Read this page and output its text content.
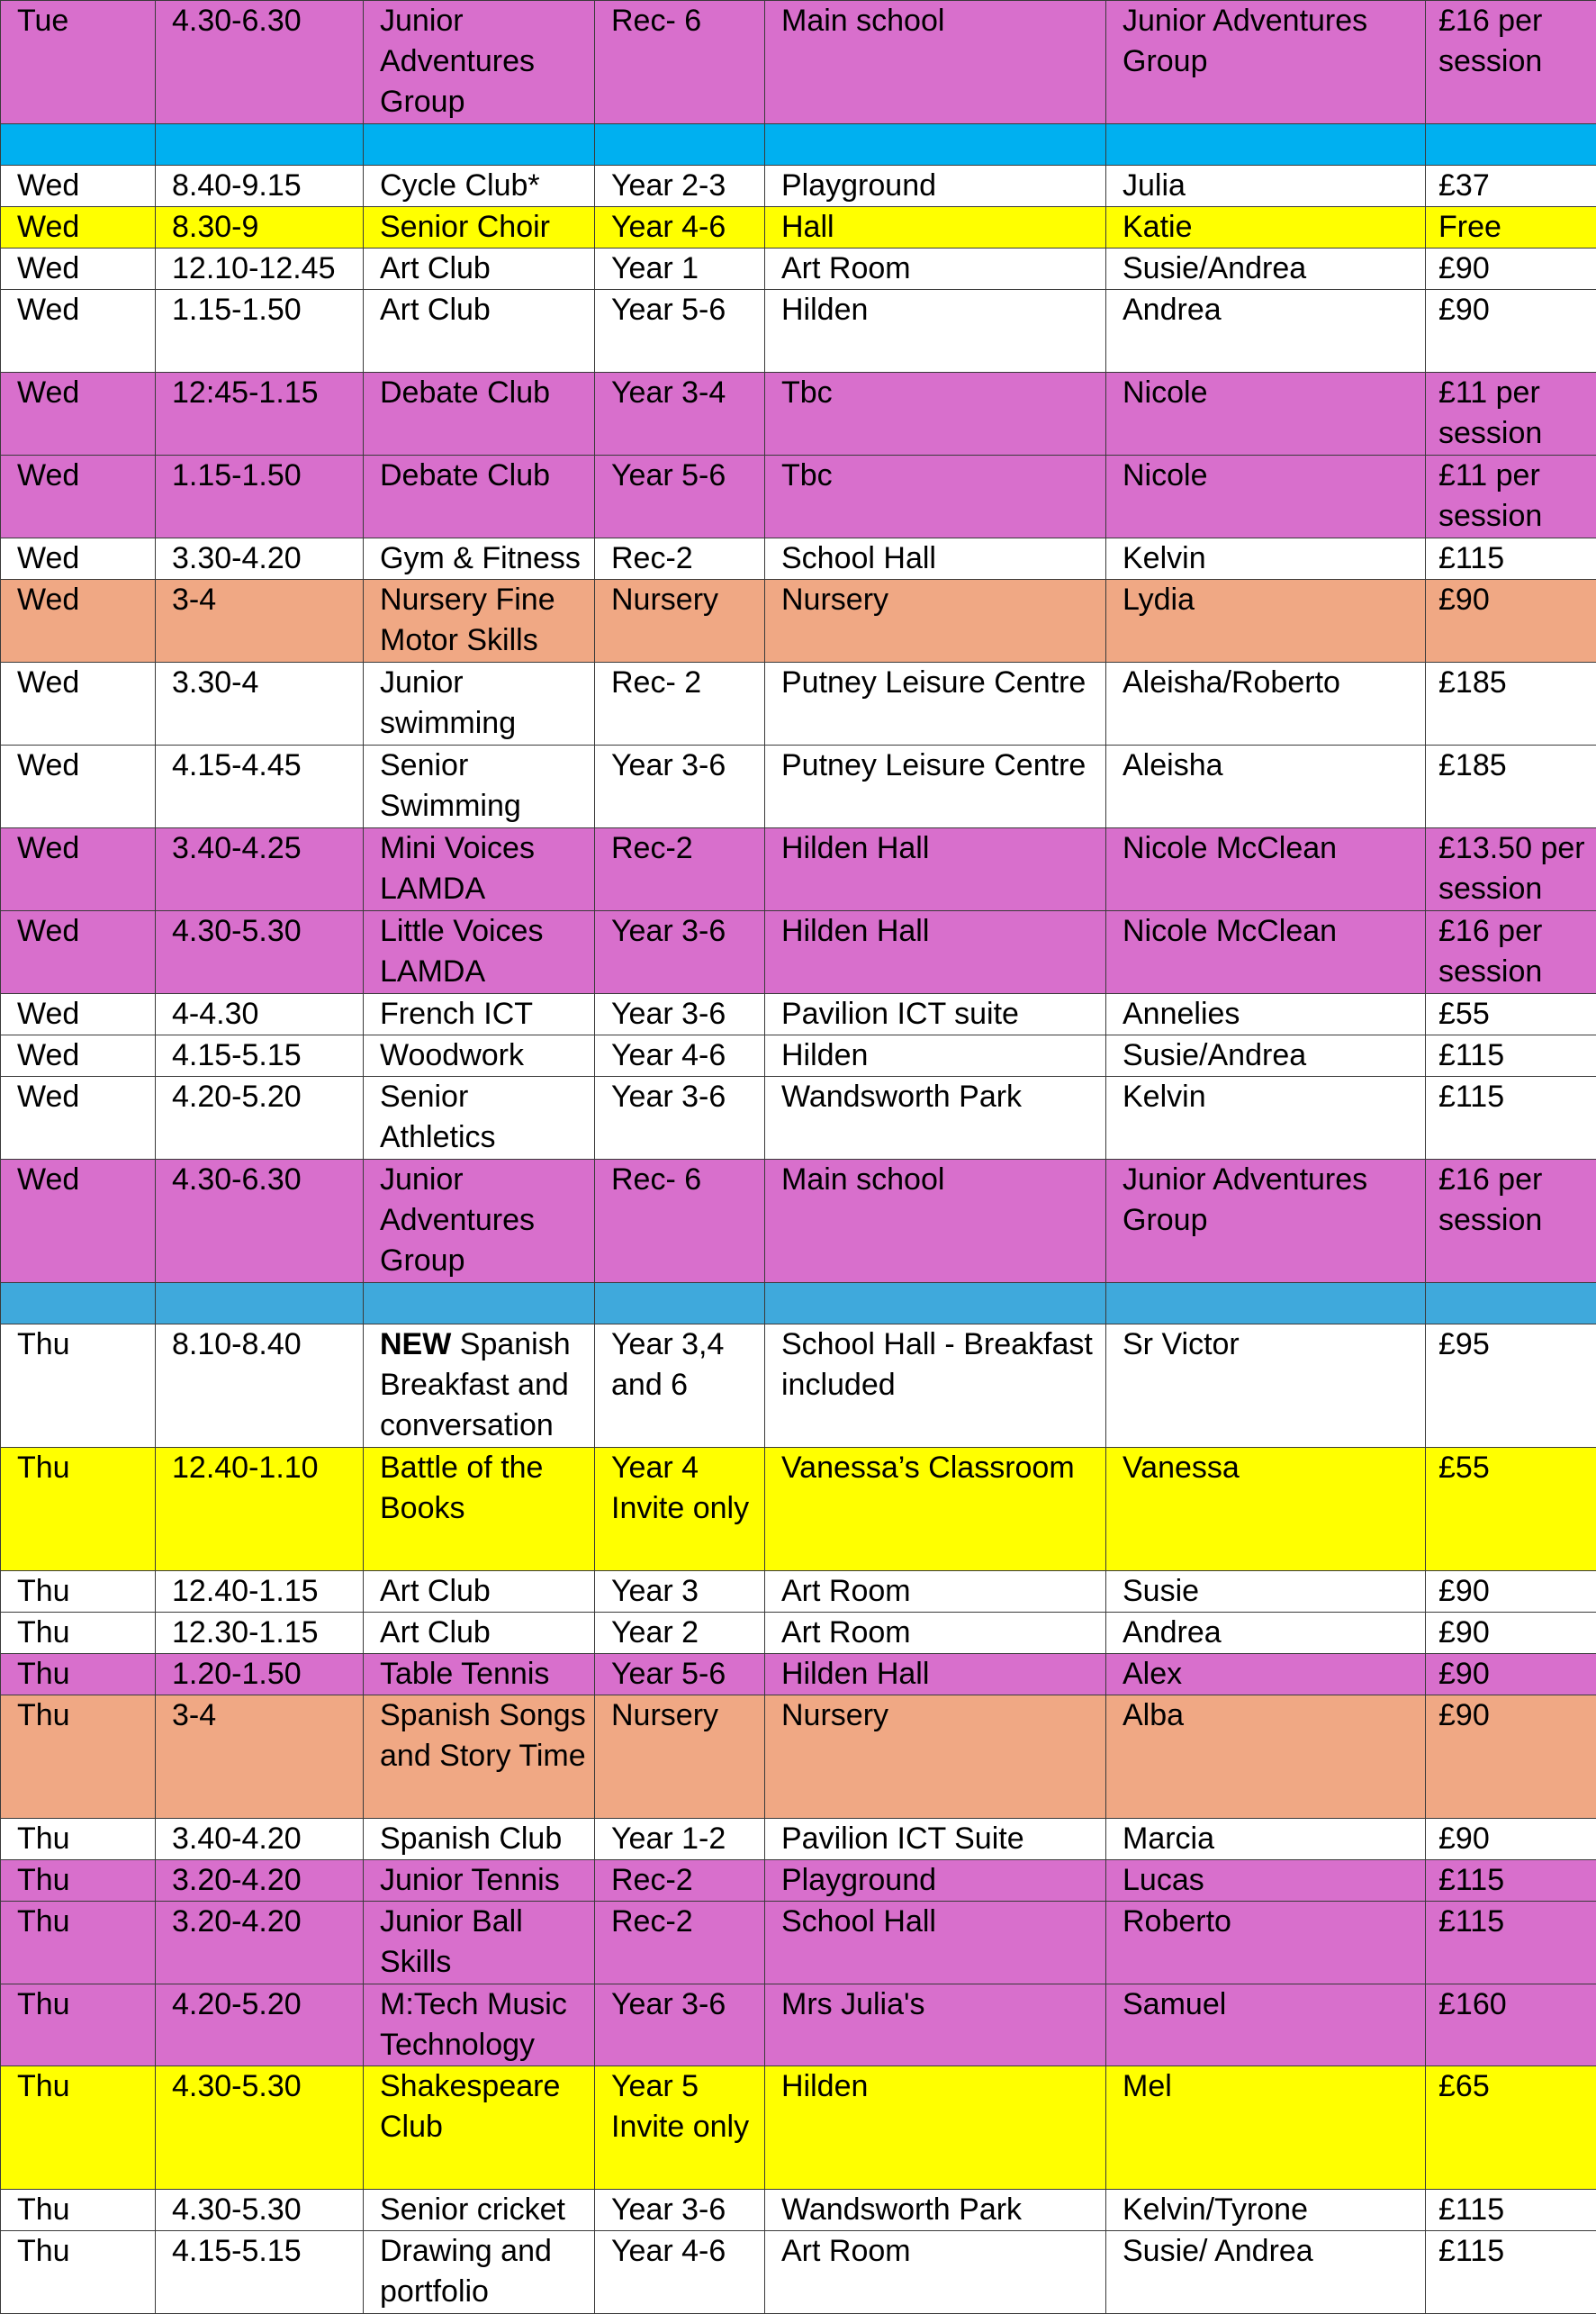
Tue	4.30-6.30	Junior Adventures Group	Rec- 6	Main school	Junior Adventures Group	£16 per session

Wed	8.40-9.15	Cycle Club*	Year 2-3	Playground	Julia	£37
Wed	8.30-9	Senior Choir	Year 4-6	Hall	Katie	Free
Wed	12.10-12.45	Art Club	Year 1	Art Room	Susie/Andrea	£90
Wed	1.15-1.50	Art Club	Year 5-6	Hilden	Andrea	£90
Wed	12:45-1.15	Debate Club	Year 3-4	Tbc	Nicole	£11 per session
Wed	1.15-1.50	Debate Club	Year 5-6	Tbc	Nicole	£11 per session
Wed	3.30-4.20	Gym & Fitness	Rec-2	School Hall	Kelvin	£115
Wed	3-4	Nursery Fine Motor Skills	Nursery	Nursery	Lydia	£90
Wed	3.30-4	Junior swimming	Rec- 2	Putney Leisure Centre	Aleisha/Roberto	£185
Wed	4.15-4.45	Senior Swimming	Year 3-6	Putney Leisure Centre	Aleisha	£185
Wed	3.40-4.25	Mini Voices LAMDA	Rec-2	Hilden Hall	Nicole McClean	£13.50 per session
Wed	4.30-5.30	Little Voices LAMDA	Year 3-6	Hilden Hall	Nicole McClean	£16 per session
Wed	4-4.30	French ICT	Year 3-6	Pavilion ICT suite	Annelies	£55
Wed	4.15-5.15	Woodwork	Year 4-6	Hilden	Susie/Andrea	£115
Wed	4.20-5.20	Senior Athletics	Year 3-6	Wandsworth Park	Kelvin	£115
Wed	4.30-6.30	Junior Adventures Group	Rec- 6	Main school	Junior Adventures Group	£16 per session

Thu	8.10-8.40	NEW Spanish Breakfast and conversation	Year 3,4 and 6	School Hall - Breakfast included	Sr Victor	£95
Thu	12.40-1.10	Battle of the Books	Year 4 Invite only	Vanessa’s Classroom	Vanessa	£55
Thu	12.40-1.15	Art Club	Year 3	Art Room	Susie	£90
Thu	12.30-1.15	Art Club	Year 2	Art Room	Andrea	£90
Thu	1.20-1.50	Table Tennis	Year 5-6	Hilden Hall	Alex	£90
Thu	3-4	Spanish Songs and Story Time	Nursery	Nursery	Alba	£90
Thu	3.40-4.20	Spanish Club	Year 1-2	Pavilion ICT Suite	Marcia	£90
Thu	3.20-4.20	Junior Tennis	Rec-2	Playground	Lucas	£115
Thu	3.20-4.20	Junior Ball Skills	Rec-2	School Hall	Roberto	£115
Thu	4.20-5.20	M:Tech Music Technology	Year 3-6	Mrs Julia's	Samuel	£160
Thu	4.30-5.30	Shakespeare Club	Year 5 Invite only	Hilden	Mel	£65
Thu	4.30-5.30	Senior cricket	Year 3-6	Wandsworth Park	Kelvin/Tyrone	£115
Thu	4.15-5.15	Drawing and portfolio	Year 4-6	Art Room	Susie/ Andrea	£115
